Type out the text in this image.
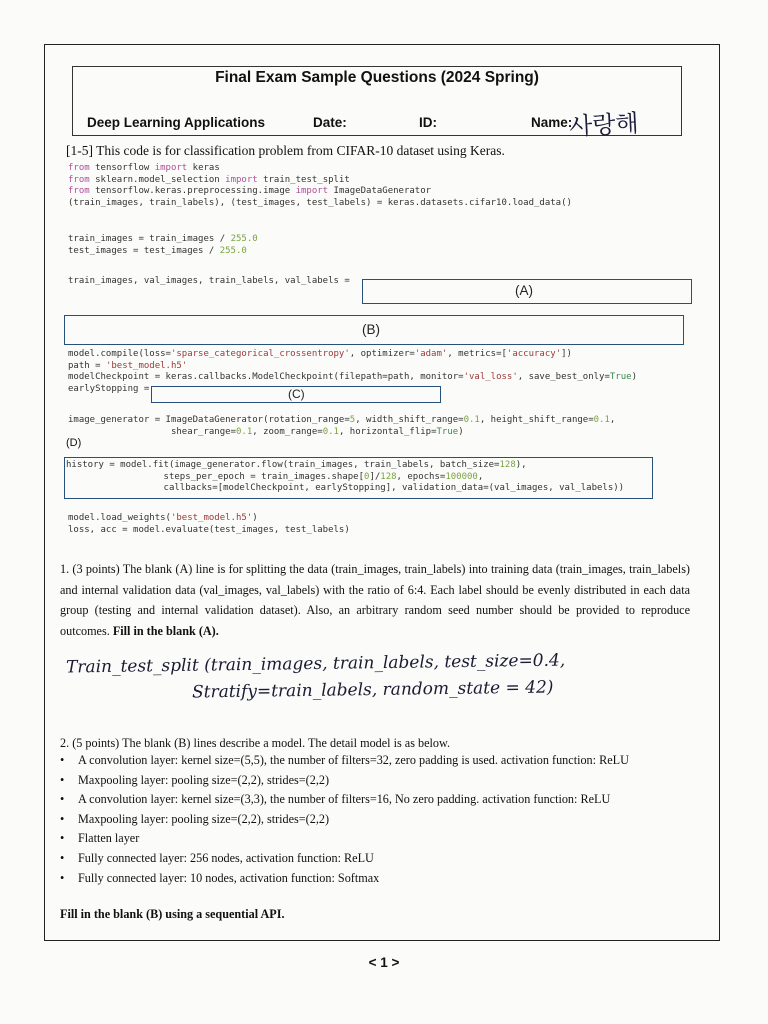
Final Exam Sample Questions (2024 Spring)
Deep Learning Applications	Date:	ID:	Name:
사랑해
[1-5] This code is for classification problem from CIFAR-10 dataset using Keras.
from tensorflow import keras
from sklearn.model_selection import train_test_split
from tensorflow.keras.preprocessing.image import ImageDataGenerator
(train_images, train_labels), (test_images, test_labels) = keras.datasets.cifar10.load_data()
train_images = train_images / 255.0
test_images = test_images / 255.0
train_images, val_images, train_labels, val_labels =
(A)
(B)
model.compile(loss='sparse_categorical_crossentropy', optimizer='adam', metrics=['accuracy'])
path = 'best_model.h5'
modelCheckpoint = keras.callbacks.ModelCheckpoint(filepath=path, monitor='val_loss', save_best_only=True)
earlyStopping =	(C)
image_generator = ImageDataGenerator(rotation_range=5, width_shift_range=0.1, height_shift_range=0.1,
shear_range=0.1, zoom_range=0.1, horizontal_flip=True)
(D)
history = model.fit(image_generator.flow(train_images, train_labels, batch_size=128),
steps_per_epoch = train_images.shape[0]/128, epochs=100000,
callbacks=[modelCheckpoint, earlyStopping], validation_data=(val_images, val_labels))
model.load_weights('best_model.h5')
loss, acc = model.evaluate(test_images, test_labels)
1. (3 points) The blank (A) line is for splitting the data (train_images, train_labels) into training data (train_images, train_labels) and internal validation data (val_images, val_labels) with the ratio of 6:4. Each label should be evenly distributed in each data group (testing and internal validation dataset). Also, an arbitrary random seed number should be provided to reproduce outcomes. Fill in the blank (A).
Train_test_split (train_images, train_labels, test_size=0.4,
Stratify=train_labels, random_state = 42)
2. (5 points) The blank (B) lines describe a model. The detail model is as below.
• A convolution layer: kernel size=(5,5), the number of filters=32, zero padding is used. activation function: ReLU
• Maxpooling layer: pooling size=(2,2), strides=(2,2)
• A convolution layer: kernel size=(3,3), the number of filters=16, No zero padding. activation function: ReLU
• Maxpooling layer: pooling size=(2,2), strides=(2,2)
• Flatten layer
• Fully connected layer: 256 nodes, activation function: ReLU
• Fully connected layer: 10 nodes, activation function: Softmax
Fill in the blank (B) using a sequential API.
< 1 >
